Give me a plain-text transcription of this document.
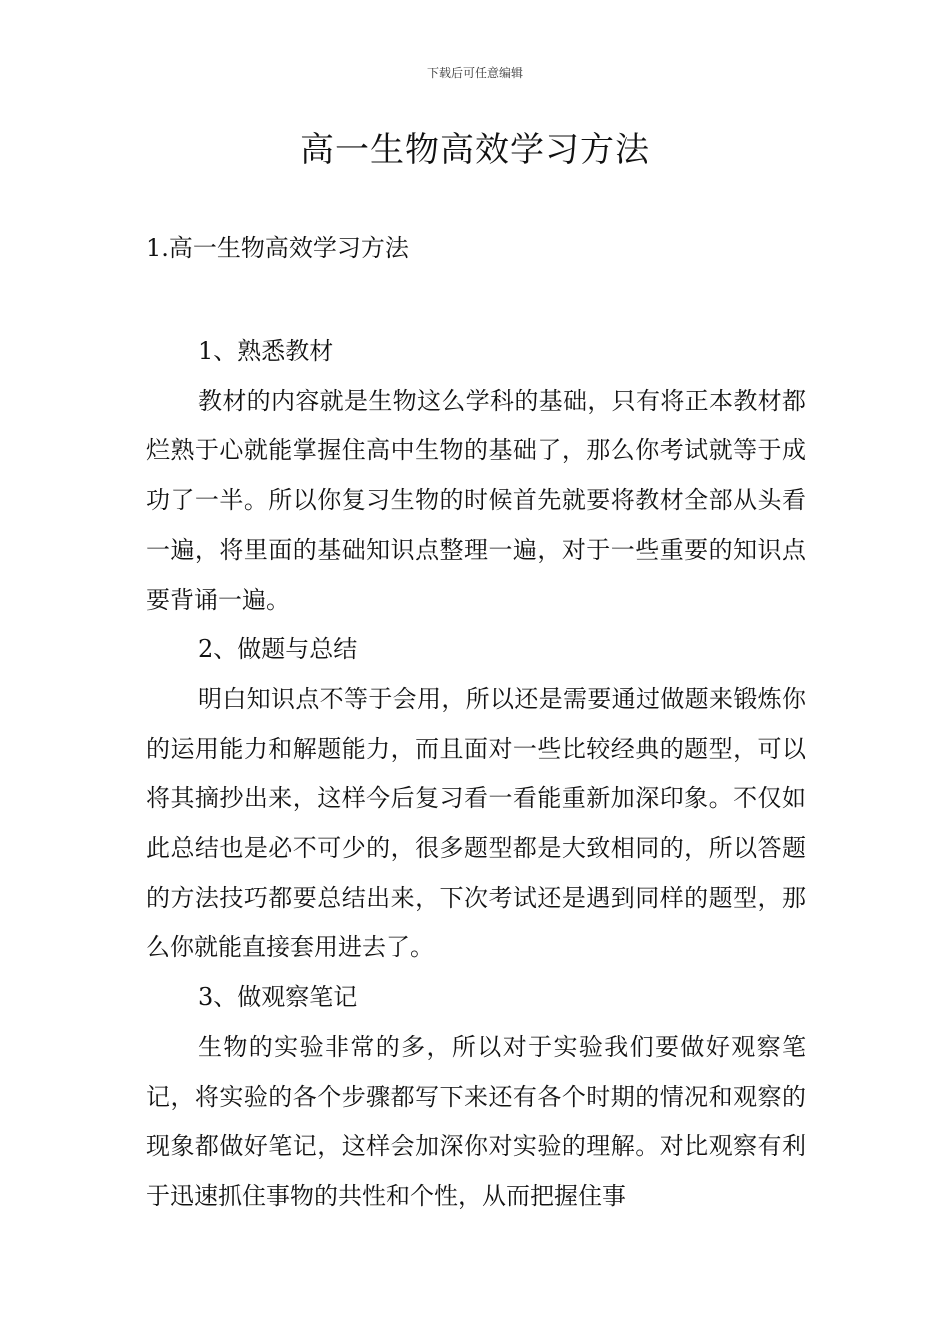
下载后可任意编辑
高一生物高效学习方法
1.高一生物高效学习方法

1、熟悉教材

教材的内容就是生物这么学科的基础，只有将正本教材都烂熟于心就能掌握住高中生物的基础了，那么你考试就等于成功了一半。所以你复习生物的时候首先就要将教材全部从头看一遍，将里面的基础知识点整理一遍，对于一些重要的知识点要背诵一遍。

2、做题与总结

明白知识点不等于会用，所以还是需要通过做题来锻炼你的运用能力和解题能力，而且面对一些比较经典的题型，可以将其摘抄出来，这样今后复习看一看能重新加深印象。不仅如此总结也是必不可少的，很多题型都是大致相同的，所以答题的方法技巧都要总结出来，下次考试还是遇到同样的题型，那么你就能直接套用进去了。

3、做观察笔记

生物的实验非常的多，所以对于实验我们要做好观察笔记，将实验的各个步骤都写下来还有各个时期的情况和观察的现象都做好笔记，这样会加深你对实验的理解。对比观察有利于迅速抓住事物的共性和个性，从而把握住事
